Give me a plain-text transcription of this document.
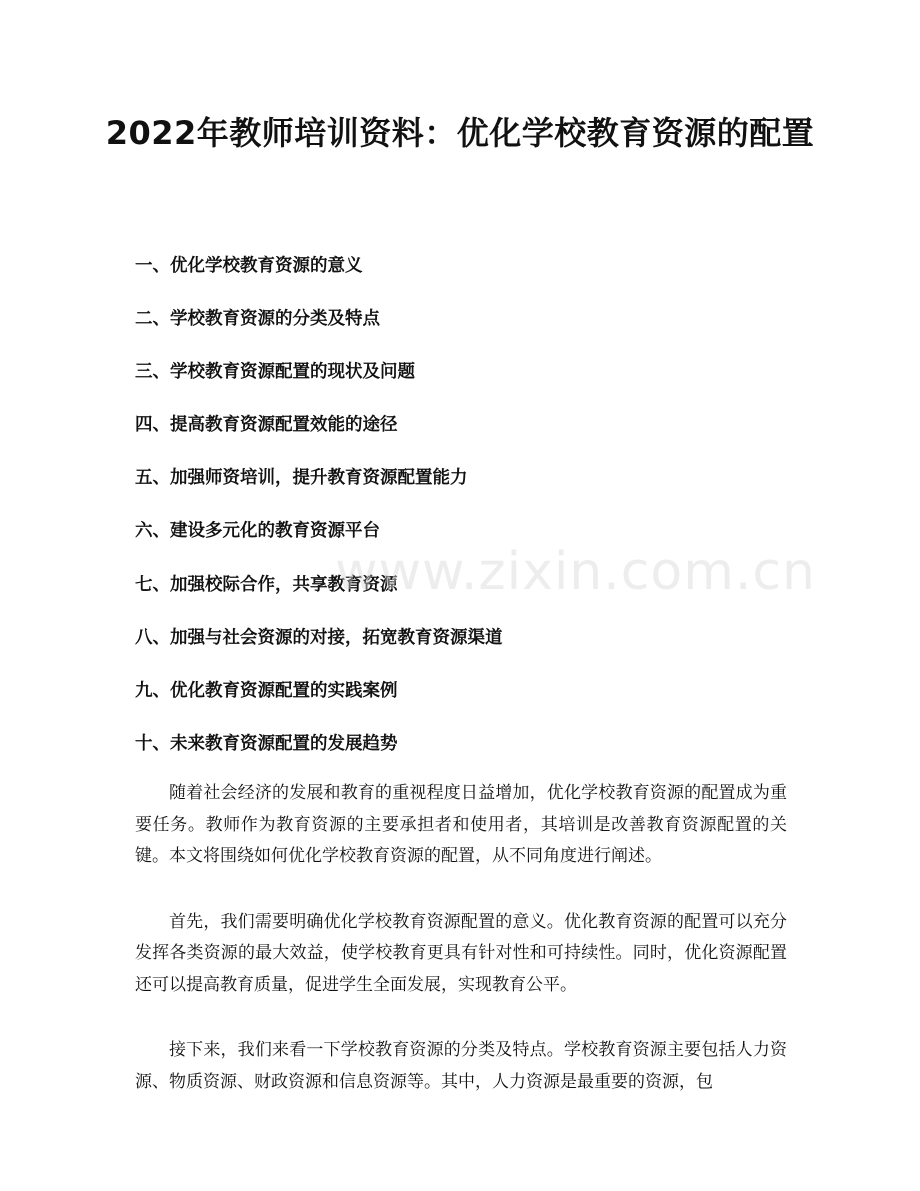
2022年教师培训资料：优化学校教育资源的配置
一、优化学校教育资源的意义
二、学校教育资源的分类及特点
三、学校教育资源配置的现状及问题
四、提高教育资源配置效能的途径
五、加强师资培训，提升教育资源配置能力
六、建设多元化的教育资源平台
七、加强校际合作，共享教育资源
八、加强与社会资源的对接，拓宽教育资源渠道
九、优化教育资源配置的实践案例
十、未来教育资源配置的发展趋势

随着社会经济的发展和教育的重视程度日益增加，优化学校教育资源的配置成为重要任务。教师作为教育资源的主要承担者和使用者，其培训是改善教育资源配置的关键。本文将围绕如何优化学校教育资源的配置，从不同角度进行阐述。

首先，我们需要明确优化学校教育资源配置的意义。优化教育资源的配置可以充分发挥各类资源的最大效益，使学校教育更具有针对性和可持续性。同时，优化资源配置还可以提高教育质量，促进学生全面发展，实现教育公平。

接下来，我们来看一下学校教育资源的分类及特点。学校教育资源主要包括人力资源、物质资源、财政资源和信息资源等。其中，人力资源是最重要的资源，包

www.zixin.com.cn
